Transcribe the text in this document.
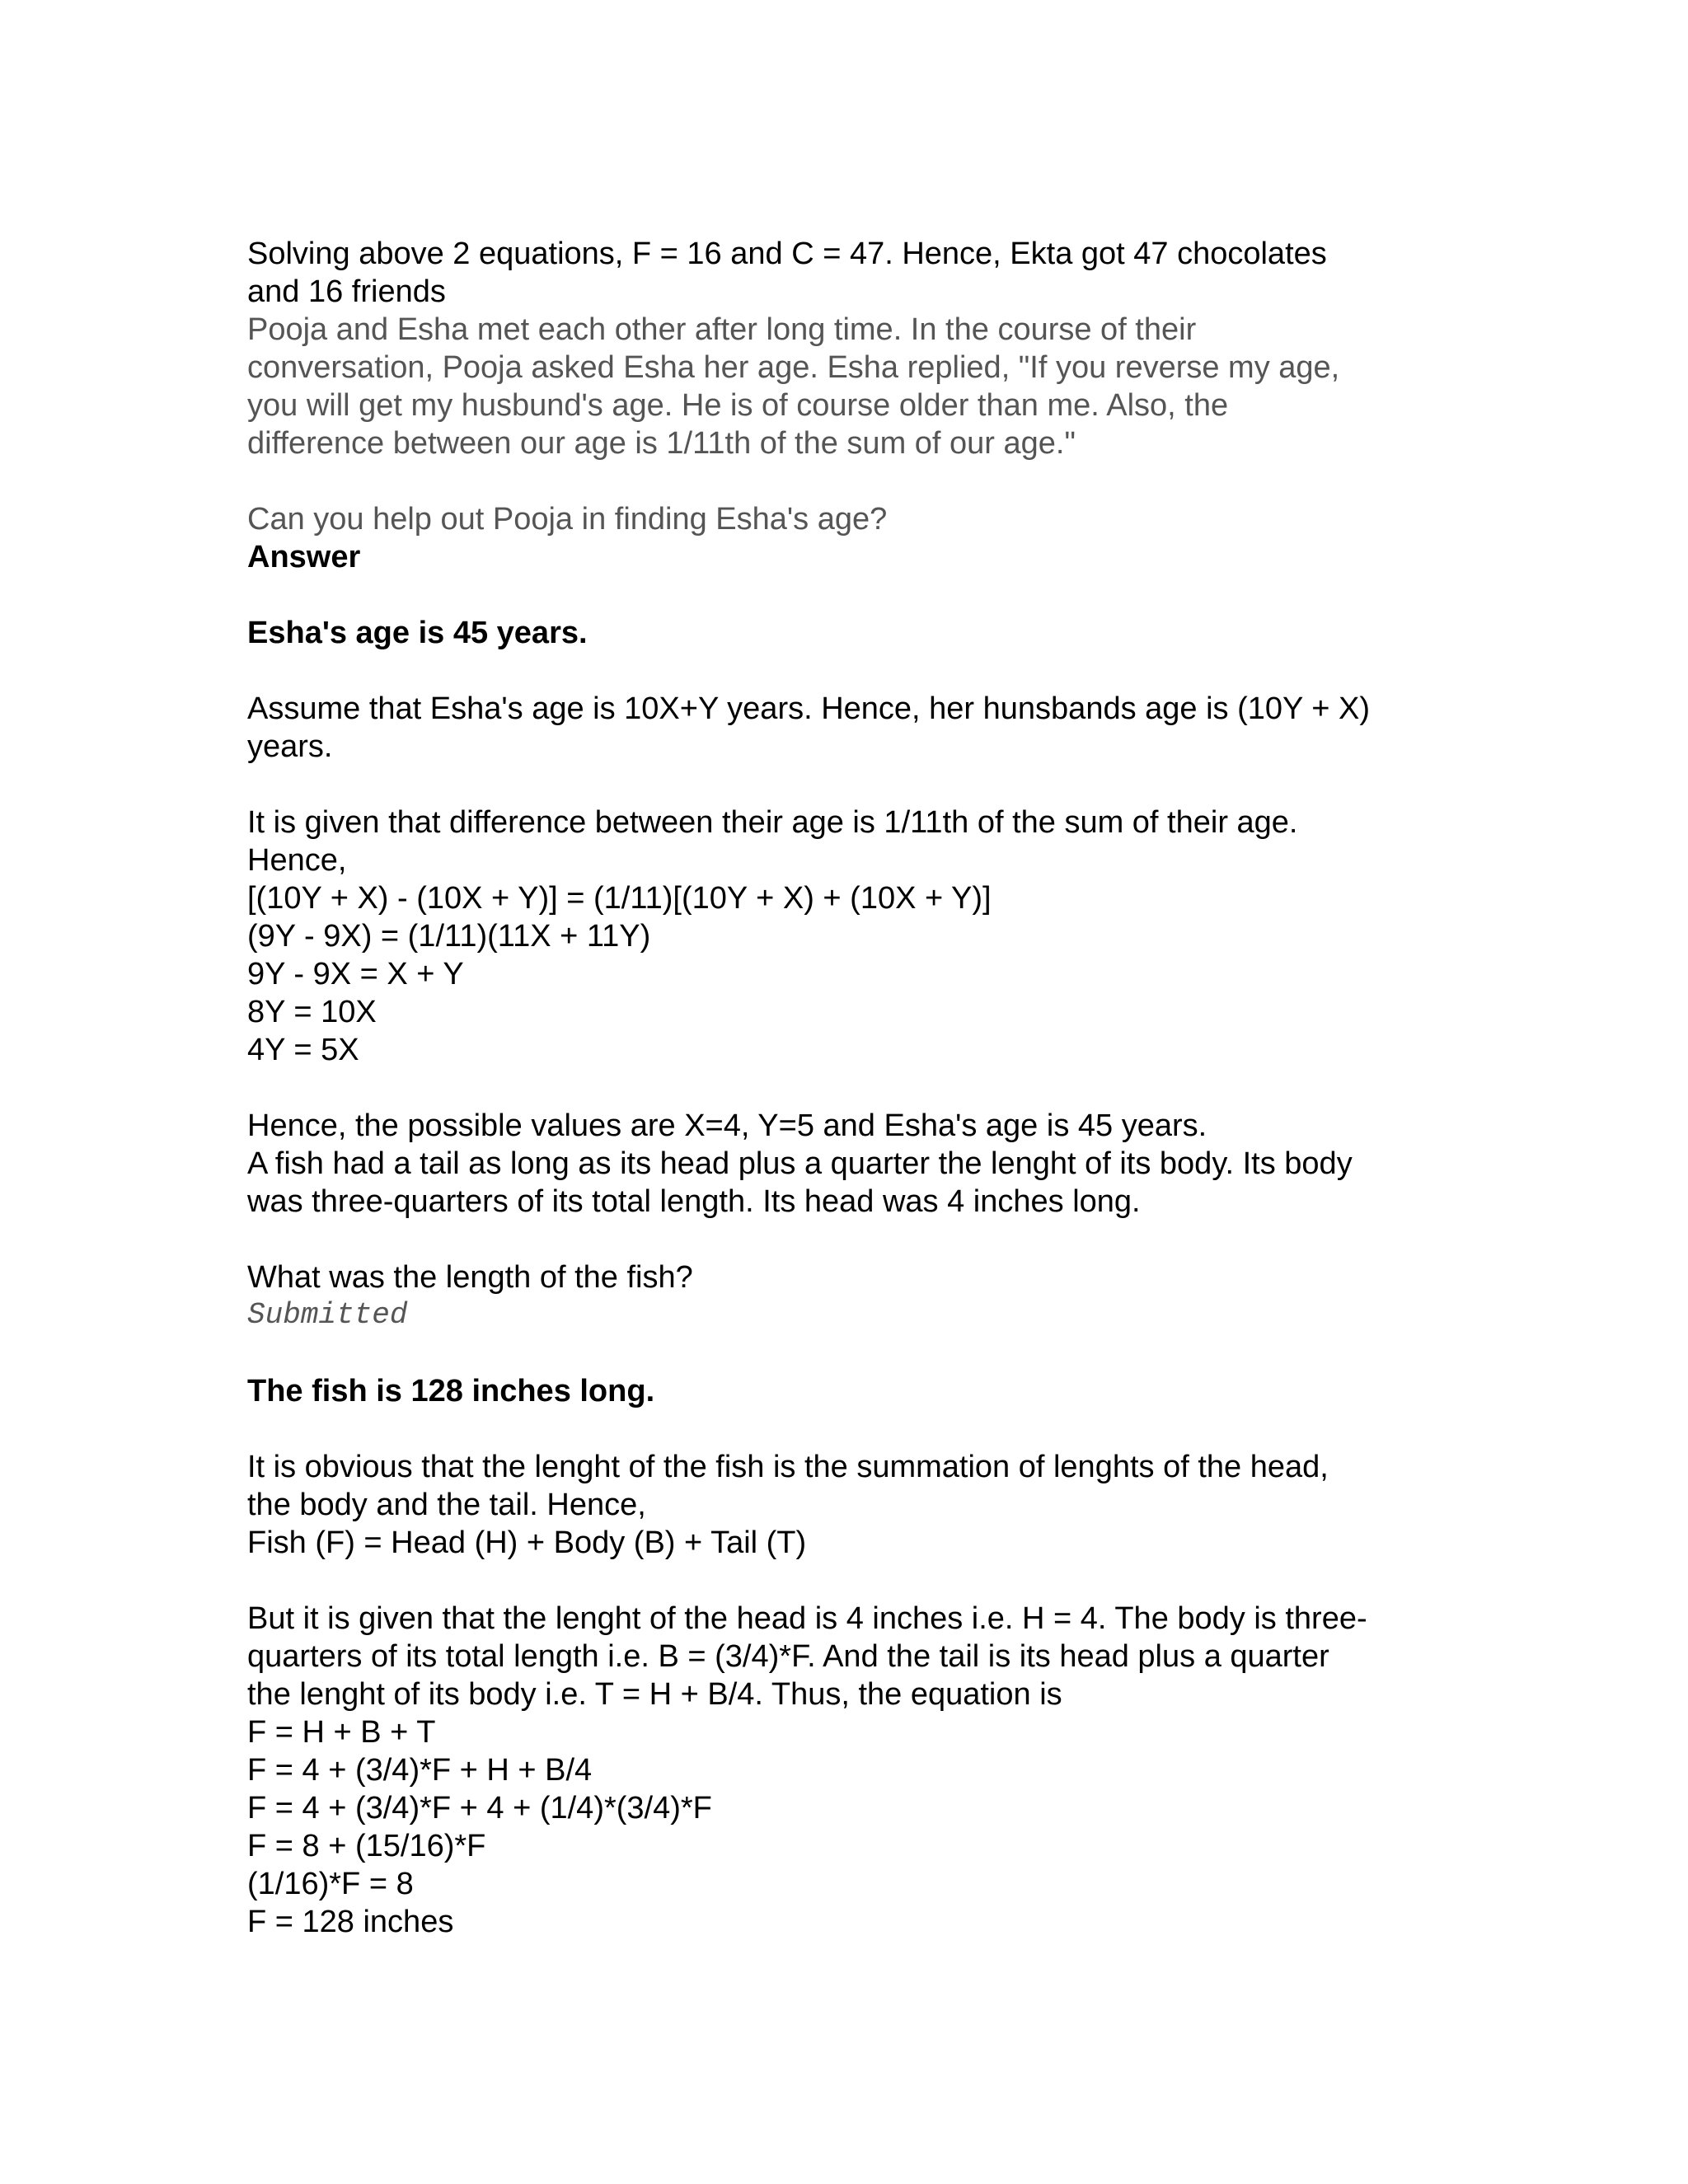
Solving above 2 equations, F = 16 and C = 47. Hence, Ekta got 47 chocolates
and 16 friends
Pooja and Esha met each other after long time. In the course of their
conversation, Pooja asked Esha her age. Esha replied, "If you reverse my age,
you will get my husbund's age. He is of course older than me. Also, the
difference between our age is 1/11th of the sum of our age."
Can you help out Pooja in finding Esha's age?
Answer
Esha's age is 45 years.
Assume that Esha's age is 10X+Y years. Hence, her hunsbands age is (10Y + X)
years.
It is given that difference between their age is 1/11th of the sum of their age.
Hence,
[(10Y + X) - (10X + Y)] = (1/11)[(10Y + X) + (10X + Y)]
(9Y - 9X) = (1/11)(11X + 11Y)
9Y - 9X = X + Y
8Y = 10X
4Y = 5X
Hence, the possible values are X=4, Y=5 and Esha's age is 45 years.
A fish had a tail as long as its head plus a quarter the lenght of its body. Its body
was three-quarters of its total length. Its head was 4 inches long.
What was the length of the fish?
Submitted
The fish is 128 inches long.
It is obvious that the lenght of the fish is the summation of lenghts of the head,
the body and the tail. Hence,
Fish (F) = Head (H) + Body (B) + Tail (T)
But it is given that the lenght of the head is 4 inches i.e. H = 4. The body is three-
quarters of its total length i.e. B = (3/4)*F. And the tail is its head plus a quarter
the lenght of its body i.e. T = H + B/4. Thus, the equation is
F = H + B + T
F = 4 + (3/4)*F + H + B/4
F = 4 + (3/4)*F + 4 + (1/4)*(3/4)*F
F = 8 + (15/16)*F
(1/16)*F = 8
F = 128 inches
